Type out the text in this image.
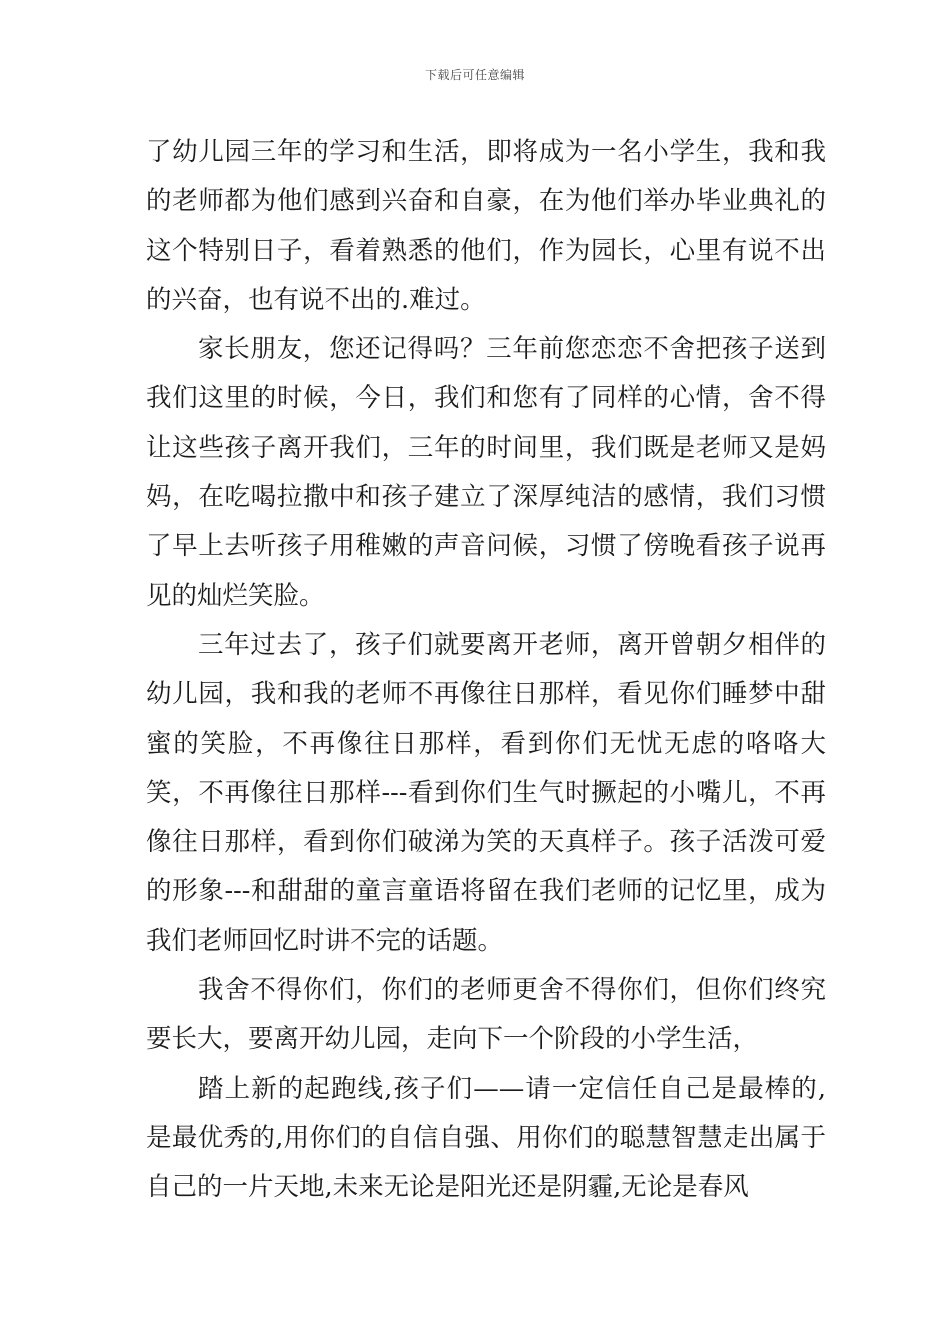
下载后可任意编辑

了幼儿园三年的学习和生活，即将成为一名小学生，我和我的老师都为他们感到兴奋和自豪，在为他们举办毕业典礼的这个特别日子，看着熟悉的他们，作为园长，心里有说不出的兴奋，也有说不出的.难过。

家长朋友，您还记得吗？三年前您恋恋不舍把孩子送到我们这里的时候，今日，我们和您有了同样的心情，舍不得让这些孩子离开我们，三年的时间里，我们既是老师又是妈妈，在吃喝拉撒中和孩子建立了深厚纯洁的感情，我们习惯了早上去听孩子用稚嫩的声音问候，习惯了傍晚看孩子说再见的灿烂笑脸。

三年过去了，孩子们就要离开老师，离开曾朝夕相伴的幼儿园，我和我的老师不再像往日那样，看见你们睡梦中甜蜜的笑脸，不再像往日那样，看到你们无忧无虑的咯咯大笑，不再像往日那样---看到你们生气时撅起的小嘴儿，不再像往日那样，看到你们破涕为笑的天真样子。孩子活泼可爱的形象---和甜甜的童言童语将留在我们老师的记忆里，成为我们老师回忆时讲不完的话题。

我舍不得你们，你们的老师更舍不得你们，但你们终究要长大，要离开幼儿园，走向下一个阶段的小学生活，

踏上新的起跑线,孩子们——请一定信任自己是最棒的,是最优秀的,用你们的自信自强、用你们的聪慧智慧走出属于自己的一片天地,未来无论是阳光还是阴霾,无论是春风
